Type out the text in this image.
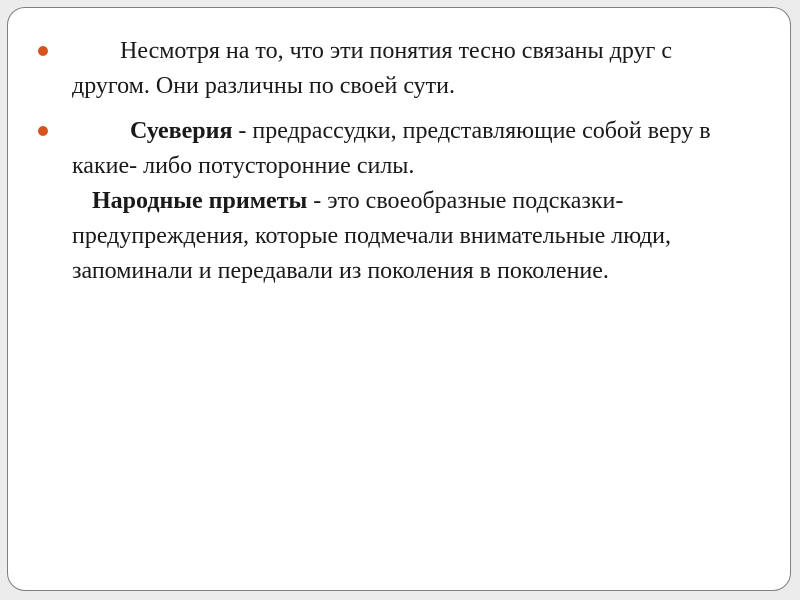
Несмотря на то, что эти понятия тесно связаны друг с другом. Они различны по своей сути.
Суеверия - предрассудки, представляющие собой веру в какие- либо потусторонние силы.
Народные приметы - это своеобразные подсказки- предупреждения, которые подмечали внимательные люди, запоминали и передавали из поколения в поколение.
